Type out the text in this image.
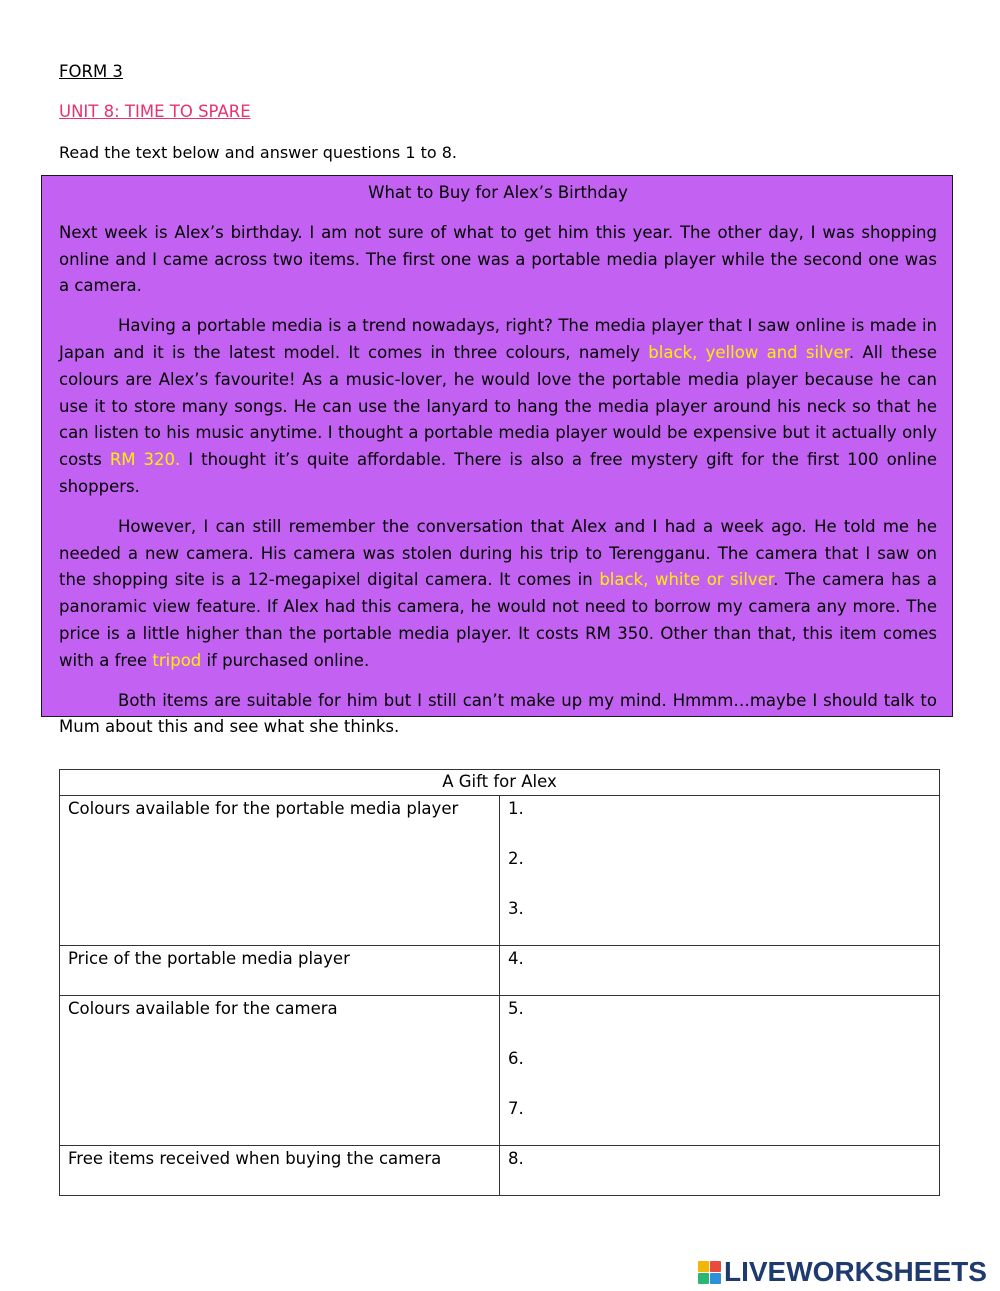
FORM 3
UNIT 8: TIME TO SPARE
Read the text below and answer questions 1 to 8.
What to Buy for Alex’s Birthday

Next week is Alex’s birthday. I am not sure of what to get him this year. The other day, I was shopping online and I came across two items. The first one was a portable media player while the second one was a camera.

Having a portable media is a trend nowadays, right? The media player that I saw online is made in Japan and it is the latest model. It comes in three colours, namely black, yellow and silver. All these colours are Alex’s favourite! As a music-lover, he would love the portable media player because he can use it to store many songs. He can use the lanyard to hang the media player around his neck so that he can listen to his music anytime. I thought a portable media player would be expensive but it actually only costs RM 320. I thought it’s quite affordable. There is also a free mystery gift for the first 100 online shoppers.

However, I can still remember the conversation that Alex and I had a week ago. He told me he needed a new camera. His camera was stolen during his trip to Terengganu. The camera that I saw on the shopping site is a 12-megapixel digital camera. It comes in black, white or silver. The camera has a panoramic view feature. If Alex had this camera, he would not need to borrow my camera any more. The price is a little higher than the portable media player. It costs RM 350. Other than that, this item comes with a free tripod if purchased online.

Both items are suitable for him but I still can’t make up my mind. Hmmm…maybe I should talk to Mum about this and see what she thinks.

A Gift for Alex	
Colours available for the portable media player	1.
2.
3.

Price of the portable media player	4.

Colours available for the camera	5.
6.
7.

Free items received when buying the camera	8.
LIVEWORKSHEETS
